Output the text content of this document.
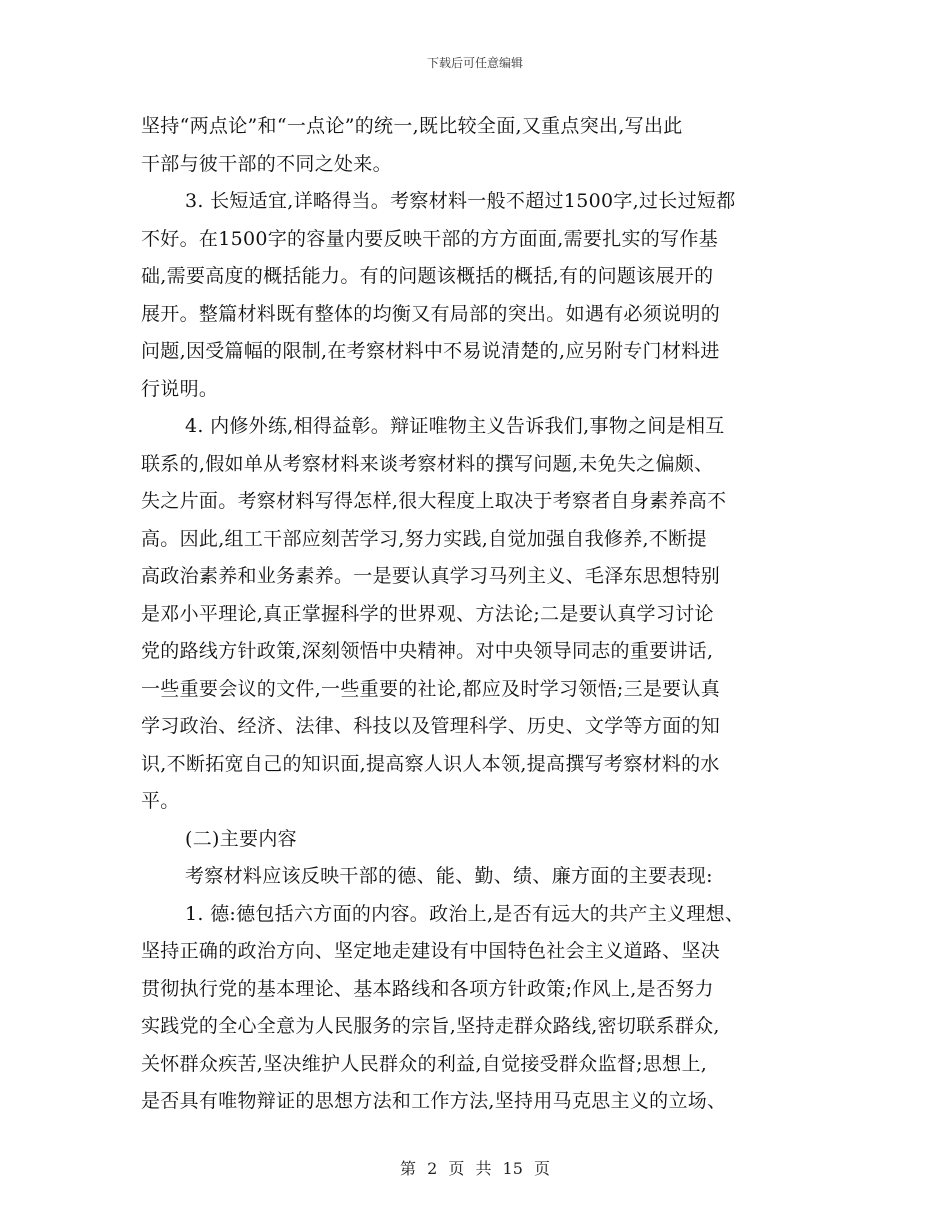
下载后可任意编辑
坚持“两点论”和“一点论”的统一,既比较全面,又重点突出,写出此
干部与彼干部的不同之处来。
3. 长短适宜,详略得当。考察材料一般不超过1500字,过长过短都
不好。在1500字的容量内要反映干部的方方面面,需要扎实的写作基
础,需要高度的概括能力。有的问题该概括的概括,有的问题该展开的
展开。整篇材料既有整体的均衡又有局部的突出。如遇有必须说明的
问题,因受篇幅的限制,在考察材料中不易说清楚的,应另附专门材料进
行说明。
4. 内修外练,相得益彰。辩证唯物主义告诉我们,事物之间是相互
联系的,假如单从考察材料来谈考察材料的撰写问题,未免失之偏颇、
失之片面。考察材料写得怎样,很大程度上取决于考察者自身素养高不
高。因此,组工干部应刻苦学习,努力实践,自觉加强自我修养,不断提
高政治素养和业务素养。一是要认真学习马列主义、毛泽东思想特别
是邓小平理论,真正掌握科学的世界观、方法论;二是要认真学习讨论
党的路线方针政策,深刻领悟中央精神。对中央领导同志的重要讲话,
一些重要会议的文件,一些重要的社论,都应及时学习领悟;三是要认真
学习政治、经济、法律、科技以及管理科学、历史、文学等方面的知
识,不断拓宽自己的知识面,提高察人识人本领,提高撰写考察材料的水
平。
(二)主要内容
考察材料应该反映干部的德、能、勤、绩、廉方面的主要表现:
1. 德:德包括六方面的内容。政治上,是否有远大的共产主义理想、
坚持正确的政治方向、坚定地走建设有中国特色社会主义道路、坚决
贯彻执行党的基本理论、基本路线和各项方针政策;作风上,是否努力
实践党的全心全意为人民服务的宗旨,坚持走群众路线,密切联系群众,
关怀群众疾苦,坚决维护人民群众的利益,自觉接受群众监督;思想上,
是否具有唯物辩证的思想方法和工作方法,坚持用马克思主义的立场、
第 2 页 共 15 页
